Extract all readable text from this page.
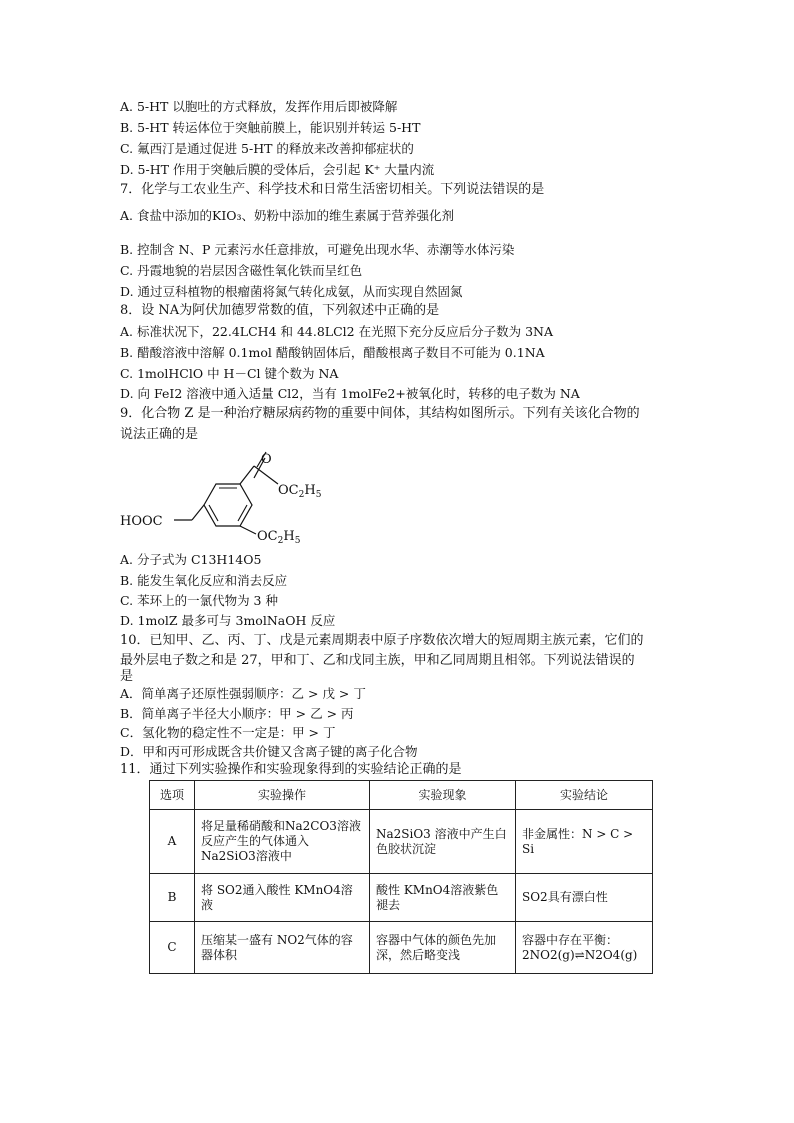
A. 5-HT 以胞吐的方式释放，发挥作用后即被降解
B. 5-HT 转运体位于突触前膜上，能识别并转运 5-HT
C. 氟西汀是通过促进 5-HT 的释放来改善抑郁症状的
D. 5-HT 作用于突触后膜的受体后，会引起 K⁺ 大量内流
7．化学与工农业生产、科学技术和日常生活密切相关。下列说法错误的是
A. 食盐中添加的KIO₃、奶粉中添加的维生素属于营养强化剂
B. 控制含 N、P 元素污水任意排放，可避免出现水华、赤潮等水体污染
C. 丹霞地貌的岩层因含磁性氧化铁而呈红色
D. 通过豆科植物的根瘤菌将氮气转化成氨，从而实现自然固氮
8．设 NA为阿伏加德罗常数的值，下列叙述中正确的是
A. 标准状况下，22.4LCH4 和 44.8LCl2 在光照下充分反应后分子数为 3NA
B. 醋酸溶液中溶解 0.1mol 醋酸钠固体后，醋酸根离子数目不可能为 0.1NA
C. 1molHClO 中 H－Cl 键个数为 NA
D. 向 FeI2 溶液中通入适量 Cl2，当有 1molFe2+被氧化时，转移的电子数为 NA
9．化合物 Z 是一种治疗糖尿病药物的重要中间体，其结构如图所示。下列有关该化合物的
说法正确的是
HOOC
O
$OC_2H_5$
$OC_2H_5$
A. 分子式为 C13H14O5
B. 能发生氧化反应和消去反应
C. 苯环上的一氯代物为 3 种
D. 1molZ 最多可与 3molNaOH 反应
10．已知甲、乙、丙、丁、戊是元素周期表中原子序数依次增大的短周期主族元素，它们的
最外层电子数之和是 27，甲和丁、乙和戊同主族，甲和乙同周期且相邻。下列说法错误的
是
A．简单离子还原性强弱顺序：乙 > 戊 > 丁
B．简单离子半径大小顺序：甲 > 乙 > 丙
C．氢化物的稳定性不一定是：甲 > 丁
D．甲和丙可形成既含共价键又含离子键的离子化合物
11．通过下列实验操作和实验现象得到的实验结论正确的是
选项	实验操作	实验现象	实验结论
A	将足量稀硝酸和Na2CO3溶液反应产生的气体通入Na2SiO3溶液中	Na2SiO3 溶液中产生白色胶状沉淀	非金属性：N > C > Si
B	将 SO2通入酸性 KMnO4溶液	酸性 KMnO4溶液紫色褪去	SO2具有漂白性
C	压缩某一盛有 NO2气体的容器体积	容器中气体的颜色先加深，然后略变浅	容器中存在平衡：2NO2(g)⇌N2O4(g)
